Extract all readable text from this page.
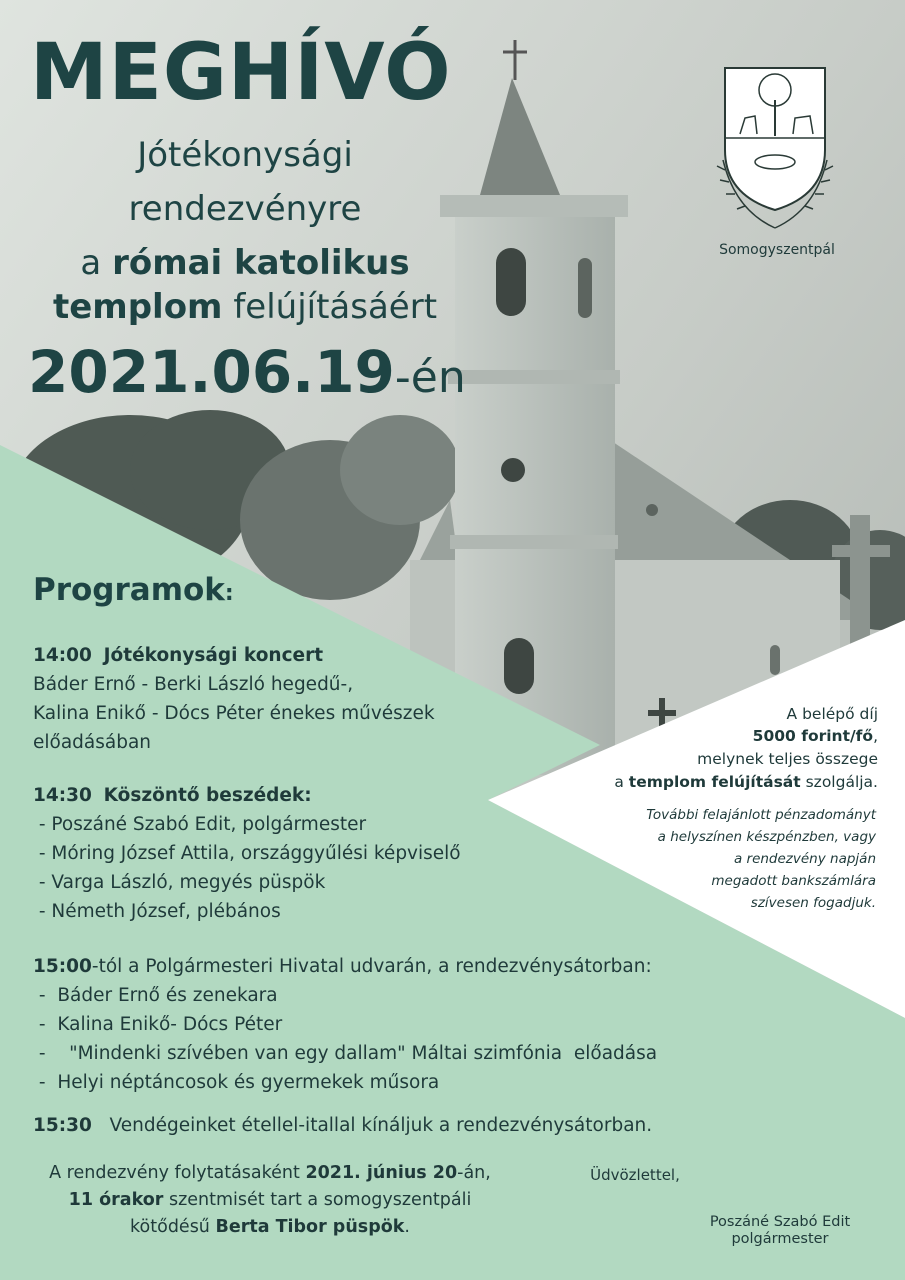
MEGHÍVÓ
Jótékonysági
rendezvényre
a római katolikus
templom felújításáért
2021.06.19-én
Somogyszentpál
Programok:
14:00 Jótékonysági koncert
Báder Ernő - Berki László hegedű-,
Kalina Enikő - Dócs Péter énekes művészek
előadásában
14:30 Köszöntő beszédek:
- Poszáné Szabó Edit, polgármester
- Móring József Attila, országgyűlési képviselő
- Varga László, megyés püspök
- Németh József, plébános
15:00-tól a Polgármesteri Hivatal udvarán, a rendezvénysátorban:
-  Báder Ernő és zenekara
-  Kalina Enikő- Dócs Péter
-    "Mindenki szívében van egy dallam" Máltai szimfónia  előadása
-  Helyi néptáncosok és gyermekek műsora
15:30 Vendégeinket étellel-itallal kínáljuk a rendezvénysátorban.
A belépő díj
5000 forint/fő,
melynek teljes összege
a templom felújítását szolgálja.
További felajánlott pénzadományt
a helyszínen készpénzben, vagy
a rendezvény napján
megadott bankszámlára
szívesen fogadjuk.
A rendezvény folytatásaként 2021. június 20-án,
11 órakor szentmisét tart a somogyszentpáli
kötődésű Berta Tibor püspök.
Üdvözlettel,
Poszáné Szabó Edit
polgármester
